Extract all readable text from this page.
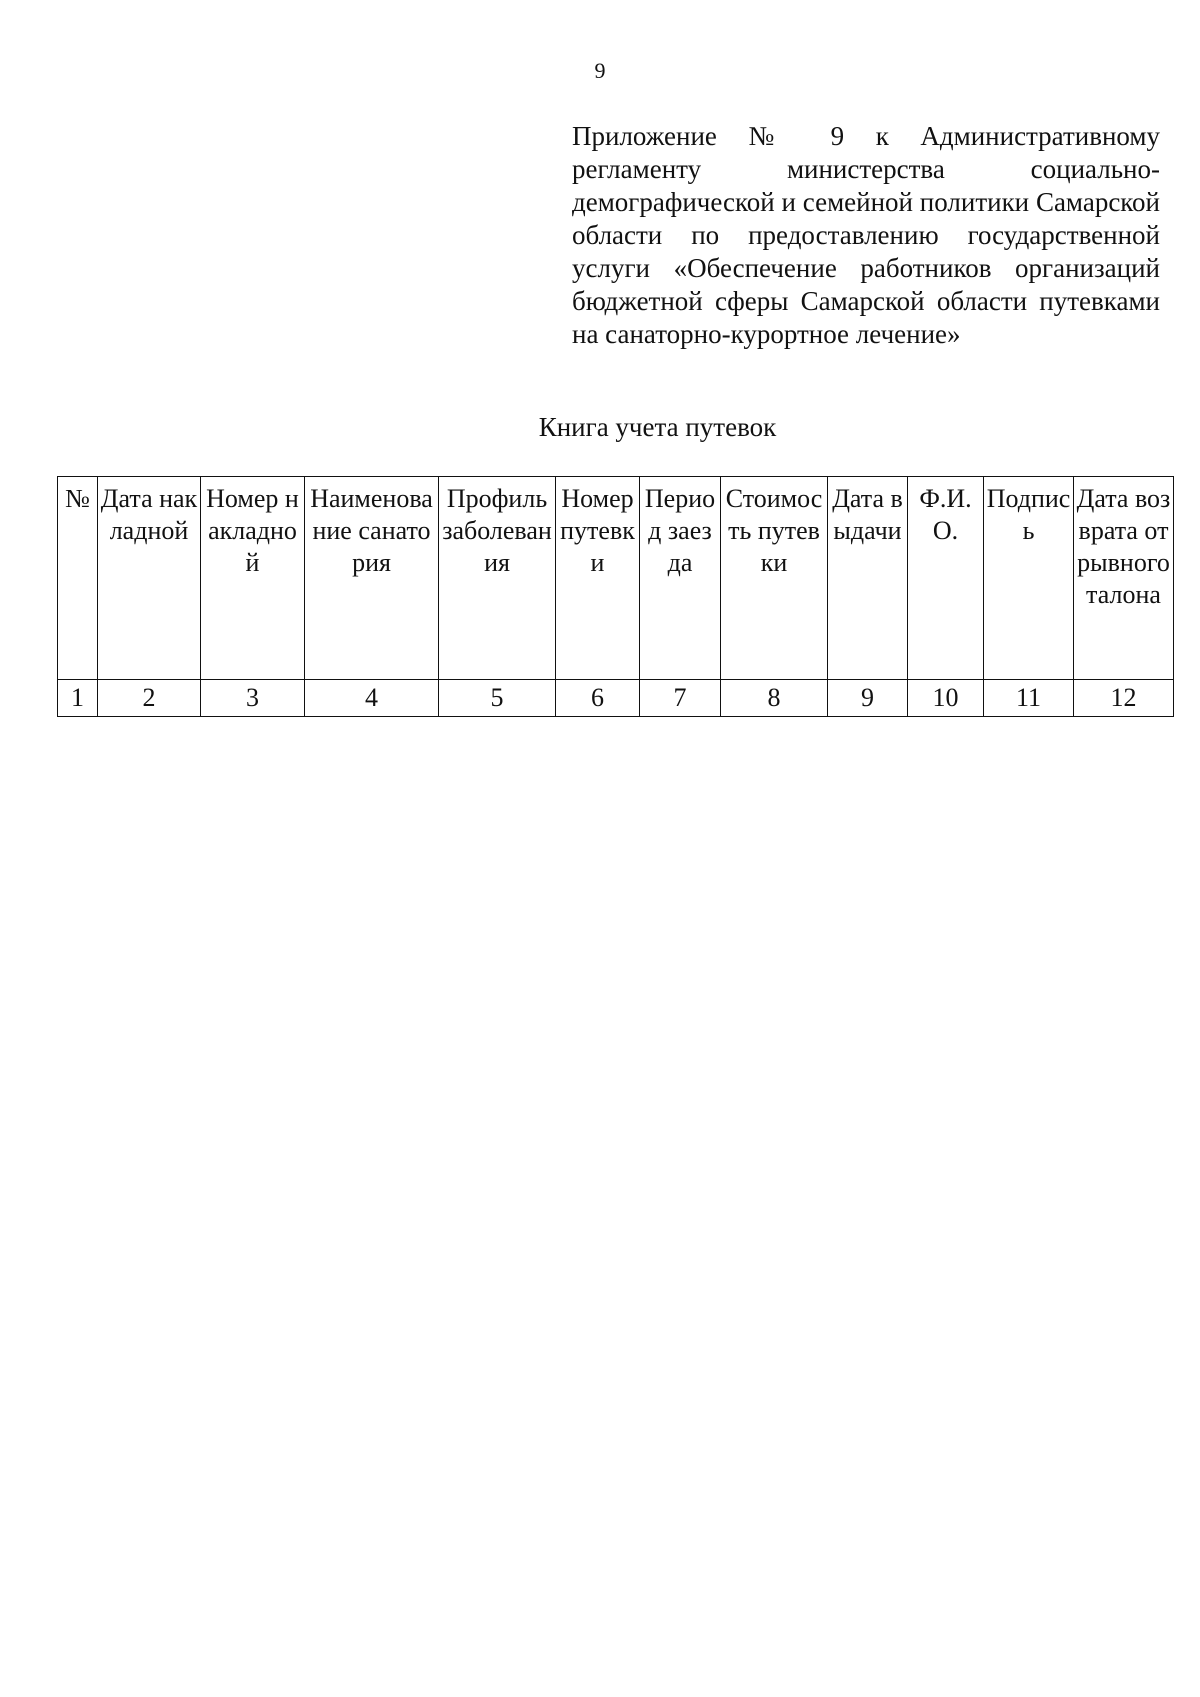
9

Приложение № 9 к Административному регламенту министерства социально-демографической и семейной политики Самарской области по предоставлению государственной услуги «Обеспечение работников организаций бюджетной сферы Самарской области путевками на санаторно-курортное лечение»

Книга учета путевок
№	Дата накладной	Номер накладной	Наименование санатория	Профиль заболевания	Номер путевки	Период заезда	Стоимость путевки	Дата выдачи	Ф.И.О.	Подпись	Дата возврата отрывного талона
1	2	3	4	5	6	7	8	9	10	11	12
